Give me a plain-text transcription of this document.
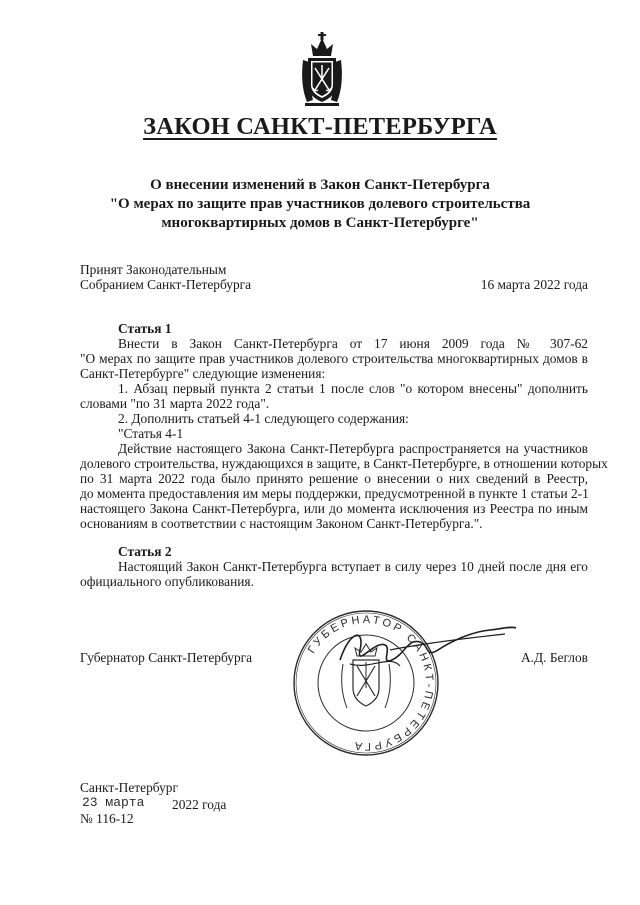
ЗАКОН САНКТ-ПЕТЕРБУРГА
О внесении изменений в Закон Санкт-Петербурга
"О мерах по защите прав участников долевого строительства
многоквартирных домов в Санкт-Петербурге"
Принят Законодательным
Собранием Санкт-Петербурга	16 марта 2022 года
Статья 1
Внести в Закон Санкт-Петербурга от 17 июня 2009 года № 307-62
"О мерах по защите прав участников долевого строительства многоквартирных домов в
Санкт-Петербурге" следующие изменения:
1. Абзац первый пункта 2 статьи 1 после слов "о котором внесены" дополнить
словами "по 31 марта 2022 года".
2. Дополнить статьей 4-1 следующего содержания:
"Статья 4-1
Действие настоящего Закона Санкт-Петербурга распространяется на участников
долевого строительства, нуждающихся в защите, в Санкт-Петербурге, в отношении которых
по 31 марта 2022 года было принято решение о внесении о них сведений в Реестр,
до момента предоставления им меры поддержки, предусмотренной в пункте 1 статьи 2-1
настоящего Закона Санкт-Петербурга, или до момента исключения из Реестра по иным
основаниям в соответствии с настоящим Законом Санкт-Петербурга.".
Статья 2
Настоящий Закон Санкт-Петербурга вступает в силу через 10 дней после дня его
официального опубликования.
Губернатор Санкт-Петербурга	А.Д. Беглов
ГУБЕРНАТОР САНКТ-ПЕТЕРБУРГА
Санкт-Петербург
23 марта 2022 года
№ 116-12
